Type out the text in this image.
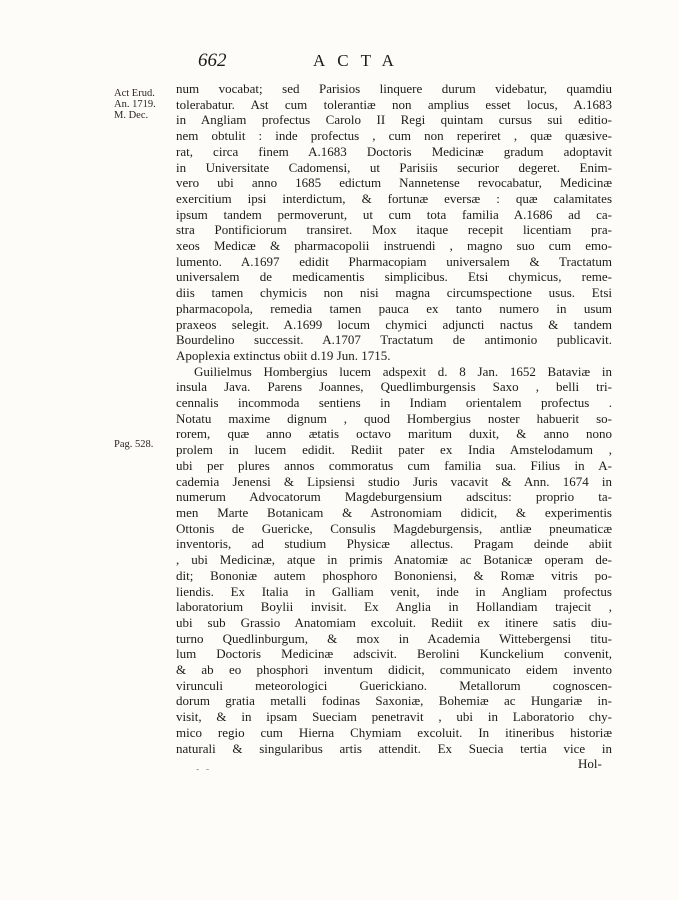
662	ACTA
Act Erud.
An. 1719.
M. Dec.
Pag. 528.
num vocabat; sed Parisios linquere durum videbatur, quamdiu
tolerabatur. Ast cum tolerantiæ non amplius esset locus, A.1683
in Angliam profectus Carolo II Regi quintam cursus sui editio-
nem obtulit : inde profectus , cum non reperiret , quæ quæsive-
rat, circa finem A.1683 Doctoris Medicinæ gradum adoptavit
in Universitate Cadomensi, ut Parisiis securior degeret. Enim-
vero ubi anno 1685 edictum Nannetense revocabatur, Medicinæ
exercitium ipsi interdictum, & fortunæ eversæ : quæ calamitates
ipsum tandem permoverunt, ut cum tota familia A.1686 ad ca-
stra Pontificiorum transiret. Mox itaque recepit licentiam pra-
xeos Medicæ & pharmacopolii instruendi , magno suo cum emo-
lumento. A.1697 edidit Pharmacopiam universalem & Tractatum
universalem de medicamentis simplicibus. Etsi chymicus, reme-
diis tamen chymicis non nisi magna circumspectione usus. Etsi
pharmacopola, remedia tamen pauca ex tanto numero in usum
praxeos selegit. A.1699 locum chymici adjuncti nactus & tandem
Bourdelino successit. A.1707 Tractatum de antimonio publicavit.
Apoplexia extinctus obiit d.19 Jun. 1715.
Guilielmus Hombergius lucem adspexit d. 8 Jan. 1652 Bataviæ in
insula Java. Parens Joannes, Quedlimburgensis Saxo , belli tri-
cennalis incommoda sentiens in Indiam orientalem profectus .
Notatu maxime dignum , quod Hombergius noster habuerit so-
rorem, quæ anno ætatis octavo maritum duxit, & anno nono
prolem in lucem edidit. Rediit pater ex India Amstelodamum ,
ubi per plures annos commoratus cum familia sua. Filius in A-
cademia Jenensi & Lipsiensi studio Juris vacavit & Ann. 1674 in
numerum Advocatorum Magdeburgensium adscitus: proprio ta-
men Marte Botanicam & Astronomiam didicit, & experimentis
Ottonis de Guericke, Consulis Magdeburgensis, antliæ pneumaticæ
inventoris, ad studium Physicæ allectus. Pragam deinde abiit
, ubi Medicinæ, atque in primis Anatomiæ ac Botanicæ operam de-
dit; Bononiæ autem phosphoro Bononiensi, & Romæ vitris po-
liendis. Ex Italia in Galliam venit, inde in Angliam profectus
laboratorium Boylii invisit. Ex Anglia in Hollandiam trajecit ,
ubi sub Grassio Anatomiam excoluit. Rediit ex itinere satis diu-
turno Quedlinburgum, & mox in Academia Wittebergensi titu-
lum Doctoris Medicinæ adscivit. Berolini Kunckelium convenit,
& ab eo phosphori inventum didicit, communicato eidem invento
virunculi meteorologici Guerickiano. Metallorum cognoscen-
dorum gratia metalli fodinas Saxoniæ, Bohemiæ ac Hungariæ in-
visit, & in ipsam Sueciam penetravit , ubi in Laboratorio chy-
mico regio cum Hierna Chymiam excoluit. In itineribus historiæ
naturali & singularibus artis attendit. Ex Suecia tertia vice in
- -	Hol-
